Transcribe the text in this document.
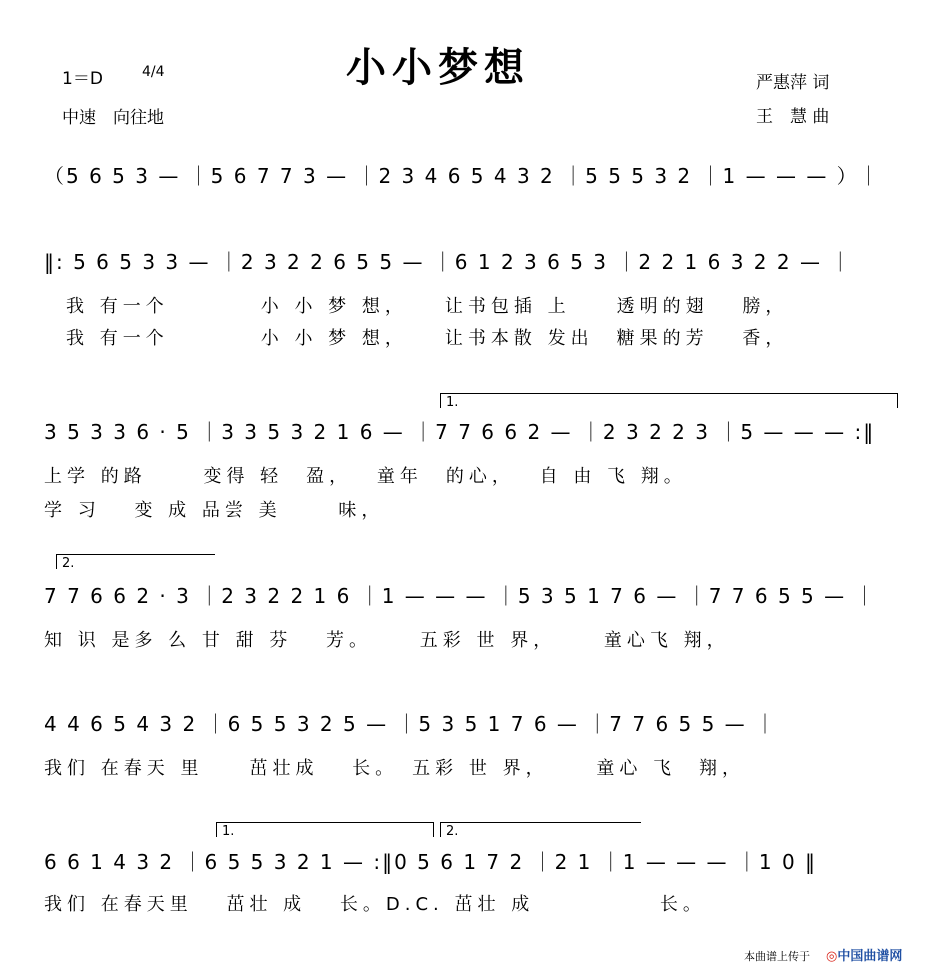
1＝D	4/4
中速　向往地
小小梦想	严惠萍 词
王　慧 曲
（5 6 5 3 — ｜5 6 7 7 3 — ｜2 3 4 6 5 4 3 2 ｜5 5 5 3 2 ｜1 — — — ）｜
‖: 5 6 5 3 3 — ｜2 3 2 2 6 5 5 — ｜6 1 2 3 6 5 3 ｜2 2 1 6 3 2 2 — ｜
我 有一个　　　　小 小 梦 想，　　让书包插 上　　透明的翅　 膀，
我 有一个　　　　小 小 梦 想，　　让书本散 发出　糖果的芳　 香，
1.
3 5 3 3 6 · 5 ｜3 3 5 3 2 1 6 — ｜7 7 6 6 2 — ｜2 3 2 2 3 ｜5 — — — :‖
上学 的路　　 变得 轻　盈，　 童年　的心，　 自 由 飞 翔。
学 习　 变 成 品尝 美　　 味，
2.
7 7 6 6 2 · 3 ｜2 3 2 2 1 6 ｜1 — — — ｜5 3 5 1 7 6 — ｜7 7 6 5 5 — ｜
知 识 是多 么 甘 甜 芬　 芳。　　 五彩 世 界，　　 童心飞 翔，
4 4 6 5 4 3 2 ｜6 5 5 3 2 5 — ｜5 3 5 1 7 6 — ｜7 7 6 5 5 — ｜
我们 在春天 里　　茁壮成　 长。　五彩 世 界，　　 童心 飞　翔，
1.	2.
6 6 1 4 3 2 ｜6 5 5 3 2 1 — :‖0 5 6 1 7 2 ｜2 1 ｜1 — — — ｜1 0 ‖
我们 在春天里　 茁壮 成　 长。D.C. 茁壮 成　　　　　 长。
本曲谱上传于 ◎中国曲谱网
